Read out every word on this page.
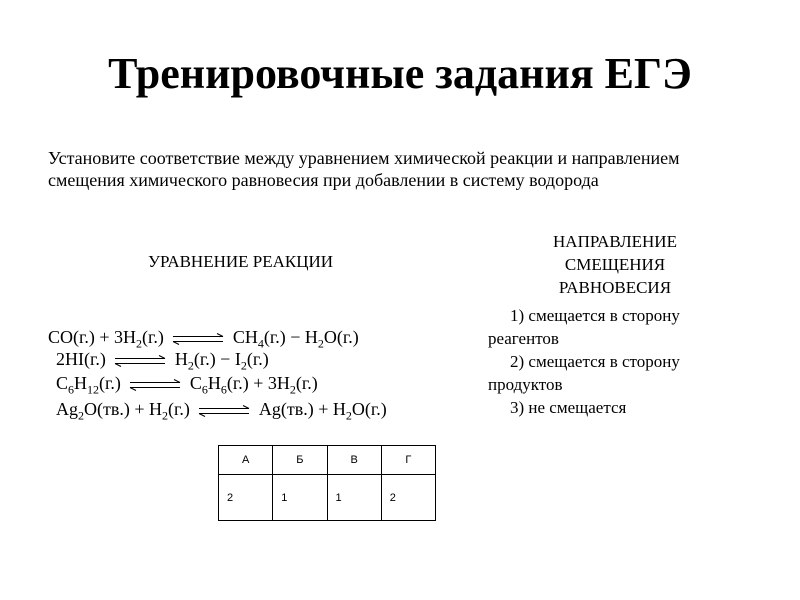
Тренировочные задания ЕГЭ
Установите соответствие между уравнением химической реакции и направлением
смещения химического равновесия при добавлении в систему водорода
УРАВНЕНИЕ РЕАКЦИИ
НАПРАВЛЕНИЕ
СМЕЩЕНИЯ
РАВНОВЕСИЯ
$CO(г.) + 3H_2(г.)$ ⇌ $CH_4(г.) - H_2O(г.)$
2HI(г.) ⇌ $H_2(г.) - I_2(г.)$
$C_6H_{12}(г.)$ ⇌ $C_6H_6(г.) + 3H_2(г.)$
$Ag_2O(тв.) + H_2(г.)$ ⇌ $Ag(тв.) + H_2O(г.)$

1) смещается в сторону

реагентов

2) смещается в сторону

продуктов

3) не смещается

А	Б	В	Г
2	1	1	2
